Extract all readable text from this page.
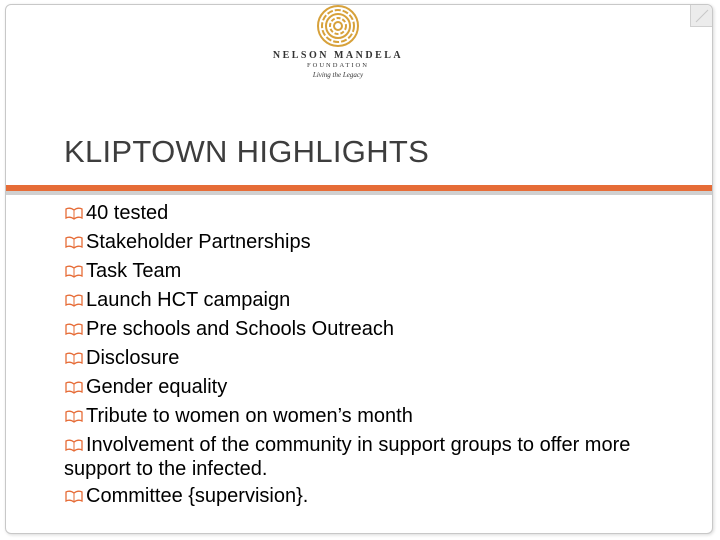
NELSON MANDELA
FOUNDATION
Living the Legacy
KLIPTOWN HIGHLIGHTS
40 tested
Stakeholder Partnerships
Task Team
Launch HCT campaign
Pre schools and Schools Outreach
Disclosure
Gender equality
Tribute to women on women’s month
Involvement of the community in support groups to offer more support to the infected.
Committee {supervision}.
